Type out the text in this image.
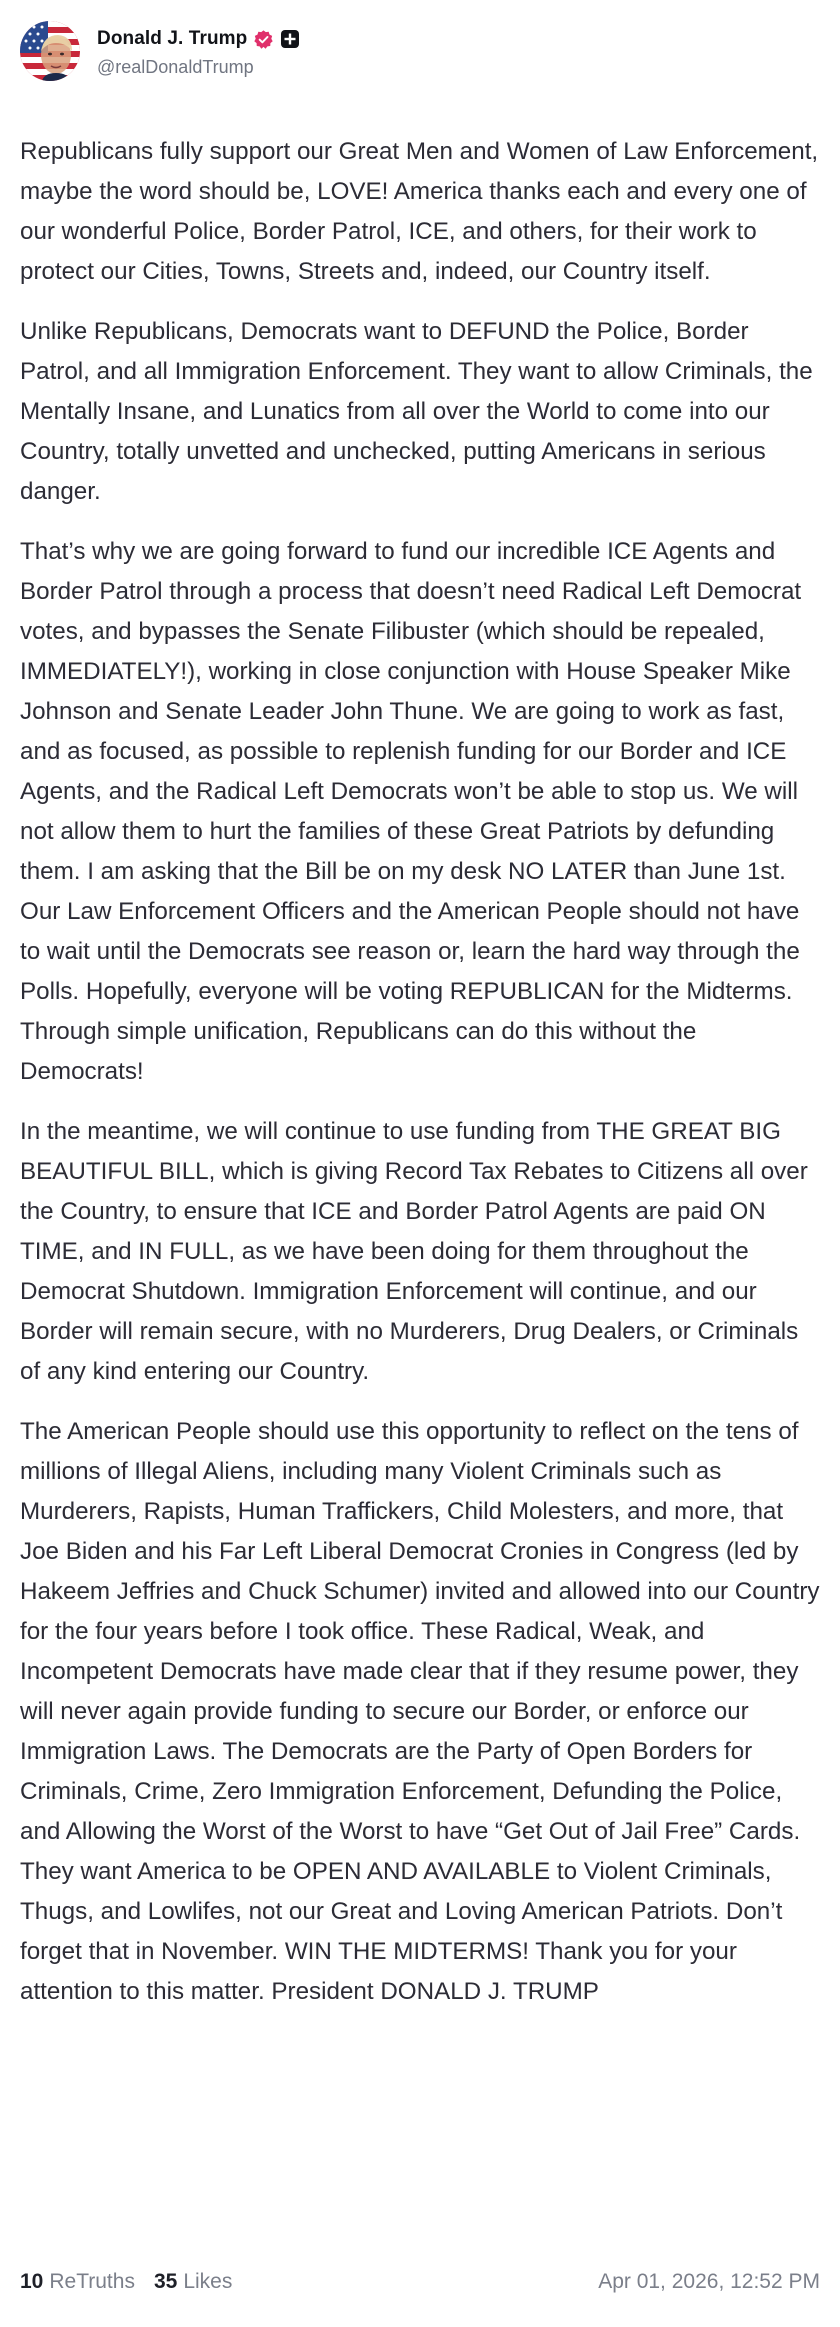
Donald J. Trump
@realDonaldTrump

Republicans fully support our Great Men and Women of Law Enforcement, maybe the word should be, LOVE! America thanks each and every one of our wonderful Police, Border Patrol, ICE, and others, for their work to protect our Cities, Towns, Streets and, indeed, our Country itself.

Unlike Republicans, Democrats want to DEFUND the Police, Border Patrol, and all Immigration Enforcement. They want to allow Criminals, the Mentally Insane, and Lunatics from all over the World to come into our Country, totally unvetted and unchecked, putting Americans in serious danger.

That’s why we are going forward to fund our incredible ICE Agents and Border Patrol through a process that doesn’t need Radical Left Democrat votes, and bypasses the Senate Filibuster (which should be repealed, IMMEDIATELY!), working in close conjunction with House Speaker Mike Johnson and Senate Leader John Thune. We are going to work as fast, and as focused, as possible to replenish funding for our Border and ICE Agents, and the Radical Left Democrats won’t be able to stop us. We will not allow them to hurt the families of these Great Patriots by defunding them. I am asking that the Bill be on my desk NO LATER than June 1st. Our Law Enforcement Officers and the American People should not have to wait until the Democrats see reason or, learn the hard way through the Polls. Hopefully, everyone will be voting REPUBLICAN for the Midterms. Through simple unification, Republicans can do this without the Democrats!

In the meantime, we will continue to use funding from THE GREAT BIG BEAUTIFUL BILL, which is giving Record Tax Rebates to Citizens all over the Country, to ensure that ICE and Border Patrol Agents are paid ON TIME, and IN FULL, as we have been doing for them throughout the Democrat Shutdown. Immigration Enforcement will continue, and our Border will remain secure, with no Murderers, Drug Dealers, or Criminals of any kind entering our Country.

The American People should use this opportunity to reflect on the tens of millions of Illegal Aliens, including many Violent Criminals such as Murderers, Rapists, Human Traffickers, Child Molesters, and more, that Joe Biden and his Far Left Liberal Democrat Cronies in Congress (led by Hakeem Jeffries and Chuck Schumer) invited and allowed into our Country for the four years before I took office. These Radical, Weak, and Incompetent Democrats have made clear that if they resume power, they will never again provide funding to secure our Border, or enforce our Immigration Laws. The Democrats are the Party of Open Borders for Criminals, Crime, Zero Immigration Enforcement, Defunding the Police, and Allowing the Worst of the Worst to have “Get Out of Jail Free” Cards. They want America to be OPEN AND AVAILABLE to Violent Criminals, Thugs, and Lowlifes, not our Great and Loving American Patriots. Don’t forget that in November. WIN THE MIDTERMS! Thank you for your attention to this matter. President DONALD J. TRUMP

10 ReTruths 35 Likes	Apr 01, 2026, 12:52 PM
